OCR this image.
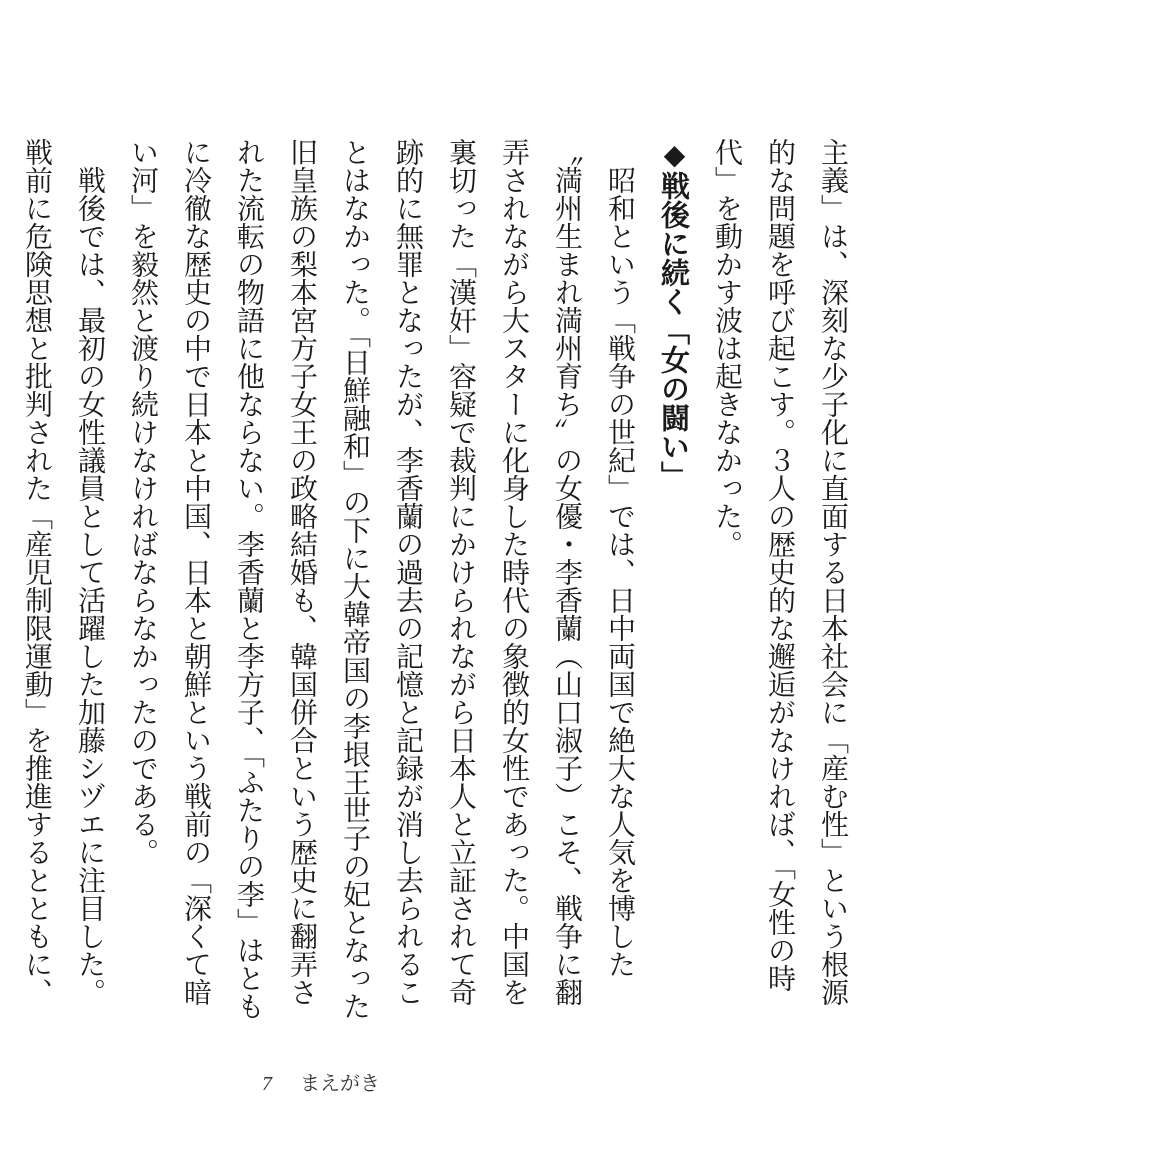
主義」は、深刻な少子化に直面する日本社会に「産む性」という根源的な問題を呼び起こす。３人の歴史的な邂逅がなければ、「女性の時代」を動かす波は起きなかった。

◆戦後に続く「女の闘い」

昭和という「戦争の世紀」では、日中両国で絶大な人気を博した〝満州生まれ満州育ち〟の女優・李香蘭（山口淑子）こそ、戦争に翻弄されながら大スターに化身した時代の象徴的女性であった。中国を裏切った「漢奸」容疑で裁判にかけられながら日本人と立証されて奇跡的に無罪となったが、李香蘭の過去の記憶と記録が消し去られることはなかった。「日鮮融和」の下に大韓帝国の李垠王世子の妃となった旧皇族の梨本宮方子女王の政略結婚も、韓国併合という歴史に翻弄された流転の物語に他ならない。李香蘭と李方子、「ふたりの李」はともに冷徹な歴史の中で日本と中国、日本と朝鮮という戦前の「深くて暗い河」を毅然と渡り続けなければならなかったのである。

戦後では、最初の女性議員として活躍した加藤シヅエに注目した。戦前に危険思想と批判された「産児制限運動」を推進するとともに、

7 まえがき
